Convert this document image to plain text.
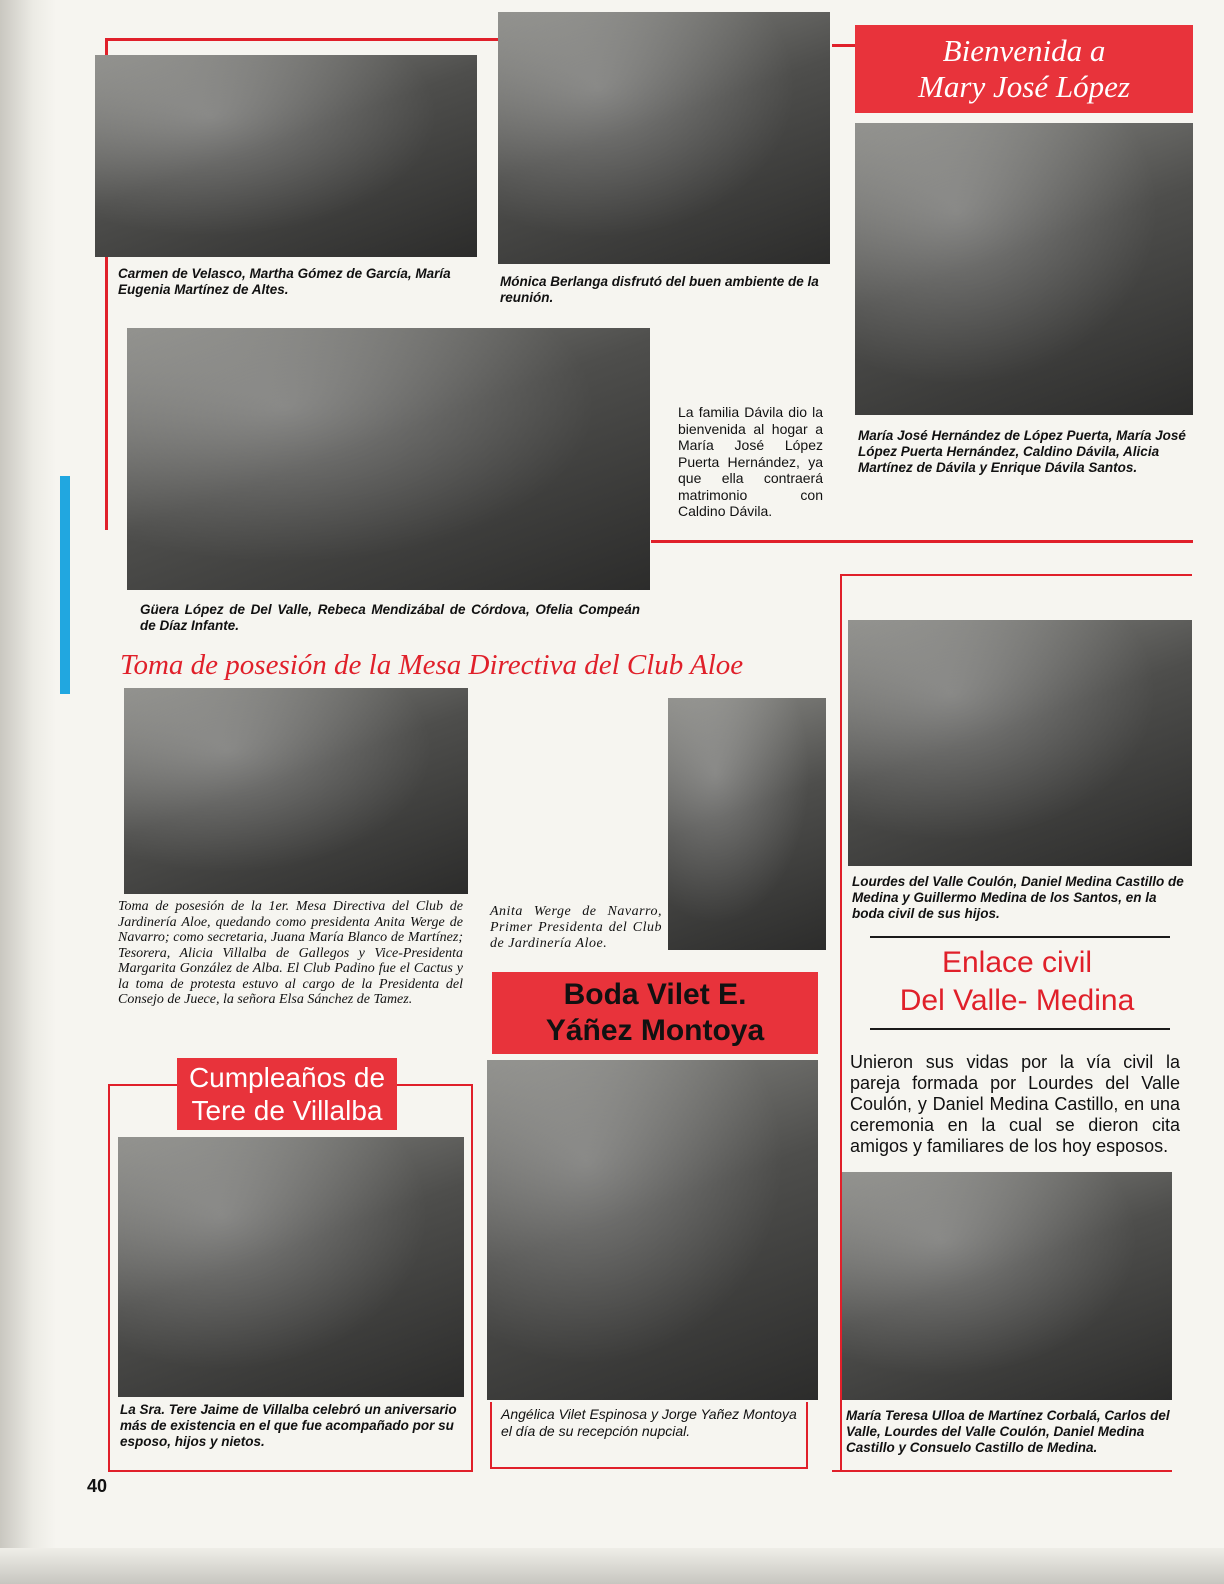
Carmen de Velasco, Martha Gómez de García, María Eugenia Martínez de Altes.
Mónica Berlanga disfrutó del buen ambiente de la reunión.
Bienvenida a
Mary José López
María José Hernández de López Puerta, María José López Puerta Hernández, Caldino Dávila, Alicia Martínez de Dávila y Enrique Dávila Santos.
La familia Dávila dio la bienvenida al hogar a María José López Puerta Hernández, ya que ella contraerá matrimonio con Caldino Dávila.
Güera López de Del Valle, Rebeca Mendizábal de Córdova, Ofelia Compeán de Díaz Infante.
Toma de posesión de la Mesa Directiva del Club Aloe
Toma de posesión de la 1er. Mesa Directiva del Club de Jardinería Aloe, quedando como presidenta Anita Werge de Navarro; como secretaria, Juana María Blanco de Martínez; Tesorera, Alicia Villalba de Gallegos y Vice-Presidenta Margarita González de Alba. El Club Padino fue el Cactus y la toma de protesta estuvo al cargo de la Presidenta del Consejo de Juece, la señora Elsa Sánchez de Tamez.
Anita Werge de Navarro, Primer Presidenta del Club de Jardinería Aloe.
Cumpleaños de
Tere de Villalba
La Sra. Tere Jaime de Villalba celebró un aniversario más de existencia en el que fue acompañado por su esposo, hijos y nietos.
40
Boda Vilet E.
Yáñez Montoya
Angélica Vilet Espinosa y Jorge Yañez Montoya el día de su recepción nupcial.
Lourdes del Valle Coulón, Daniel Medina Castillo de Medina y Guillermo Medina de los Santos, en la boda civil de sus hijos.
Enlace civil
Del Valle- Medina
Unieron sus vidas por la vía civil la pareja formada por Lourdes del Valle Coulón, y Daniel Medina Castillo, en una ceremonia en la cual se dieron cita amigos y familiares de los hoy esposos.
María Teresa Ulloa de Martínez Corbalá, Carlos del Valle, Lourdes del Valle Coulón, Daniel Medina Castillo y Consuelo Castillo de Medina.
